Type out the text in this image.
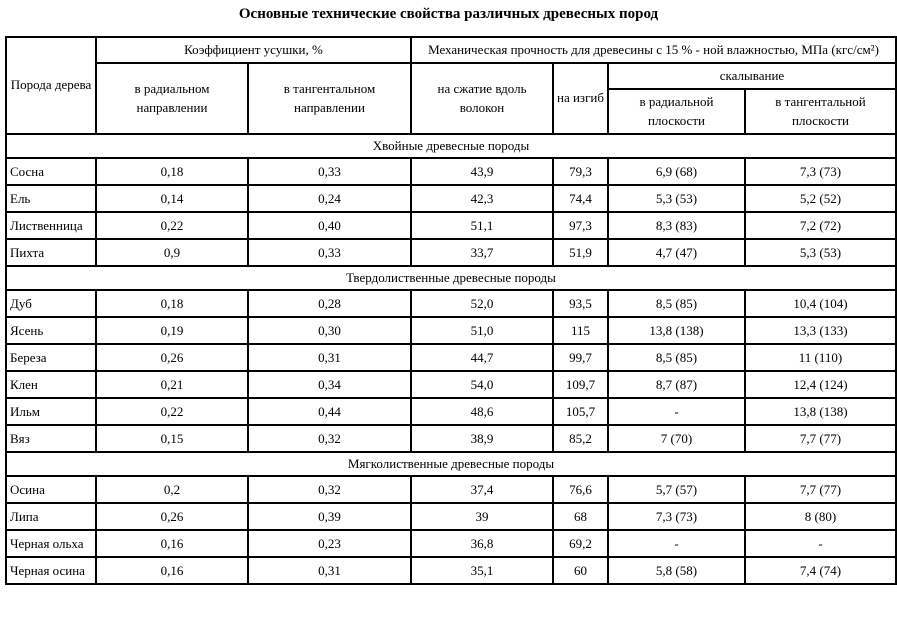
Основные технические свойства различных древесных пород

Порода дерева	Коэффициент усушки, %		Механическая прочность для древесины с 15 % - ной влажностью, МПа (кгс/см²)			
	в радиальном направлении	в тангентальном направлении	на сжатие вдоль волокон	на изгиб	скалывание	
					в радиальной плоскости	в тангентальной плоскости
Хвойные древесные породы						
Сосна	0,18	0,33	43,9	79,3	6,9 (68)	7,3 (73)
Ель	0,14	0,24	42,3	74,4	5,3 (53)	5,2 (52)
Лиственница	0,22	0,40	51,1	97,3	8,3 (83)	7,2 (72)
Пихта	0,9	0,33	33,7	51,9	4,7 (47)	5,3 (53)
Твердолиственные древесные породы						
Дуб	0,18	0,28	52,0	93,5	8,5 (85)	10,4 (104)
Ясень	0,19	0,30	51,0	115	13,8 (138)	13,3 (133)
Береза	0,26	0,31	44,7	99,7	8,5 (85)	11 (110)
Клен	0,21	0,34	54,0	109,7	8,7 (87)	12,4 (124)
Ильм	0,22	0,44	48,6	105,7	-	13,8 (138)
Вяз	0,15	0,32	38,9	85,2	7 (70)	7,7 (77)
Мягколиственные древесные породы						
Осина	0,2	0,32	37,4	76,6	5,7 (57)	7,7 (77)
Липа	0,26	0,39	39	68	7,3 (73)	8 (80)
Черная ольха	0,16	0,23	36,8	69,2	-	-
Черная осина	0,16	0,31	35,1	60	5,8 (58)	7,4 (74)
